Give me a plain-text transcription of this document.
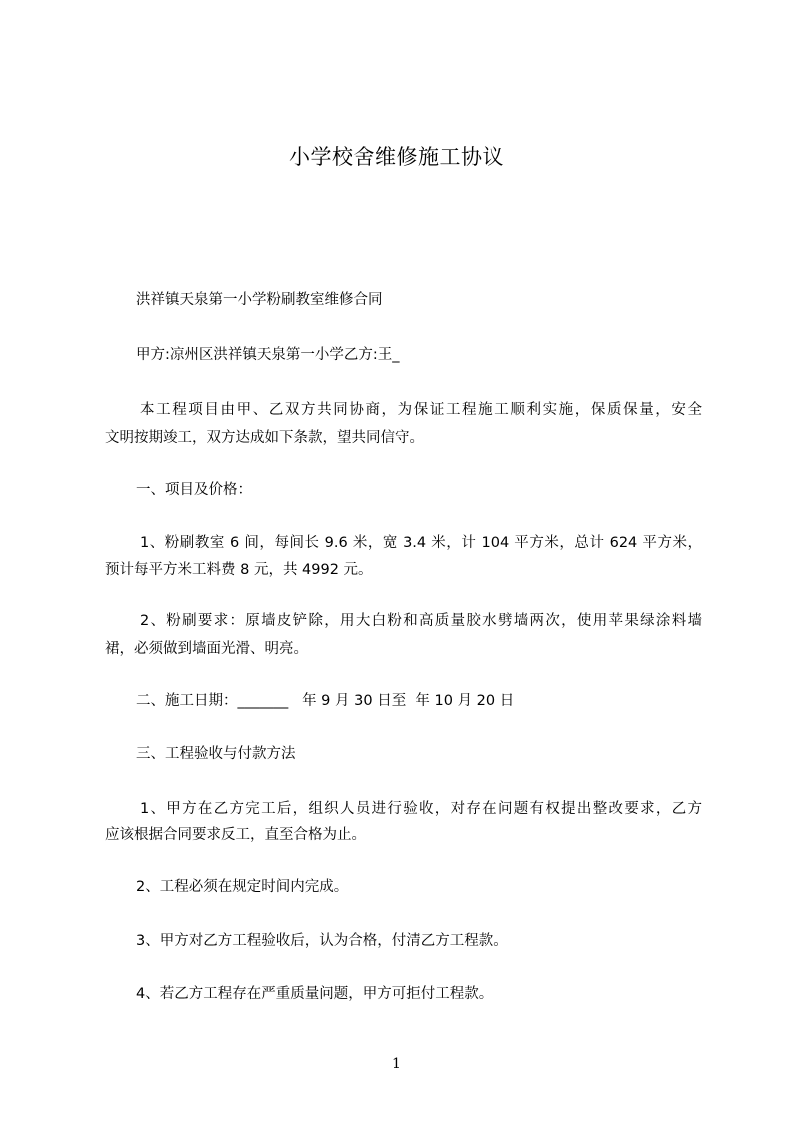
小学校舍维修施工协议
洪祥镇天泉第一小学粉刷教室维修合同
甲方:凉州区洪祥镇天泉第一小学乙方:王_
本工程项目由甲、乙双方共同协商，为保证工程施工顺利实施，保质保量，安全
文明按期竣工，双方达成如下条款，望共同信守。
一、项目及价格：
1、粉刷教室 6 间，每间长 9.6 米，宽 3.4 米，计 104 平方米，总计 624 平方米，
预计每平方米工料费 8 元，共 4992 元。
2、粉刷要求：原墙皮铲除，用大白粉和高质量胶水劈墙两次，使用苹果绿涂料墙
裙，必须做到墙面光滑、明亮。
二、施工日期：_______   年 9 月 30 日至  年 10 月 20 日
三、工程验收与付款方法
1、甲方在乙方完工后，组织人员进行验收，对存在问题有权提出整改要求，乙方
应该根据合同要求反工，直至合格为止。
2、工程必须在规定时间内完成。
3、甲方对乙方工程验收后，认为合格，付清乙方工程款。
4、若乙方工程存在严重质量问题，甲方可拒付工程款。
1
